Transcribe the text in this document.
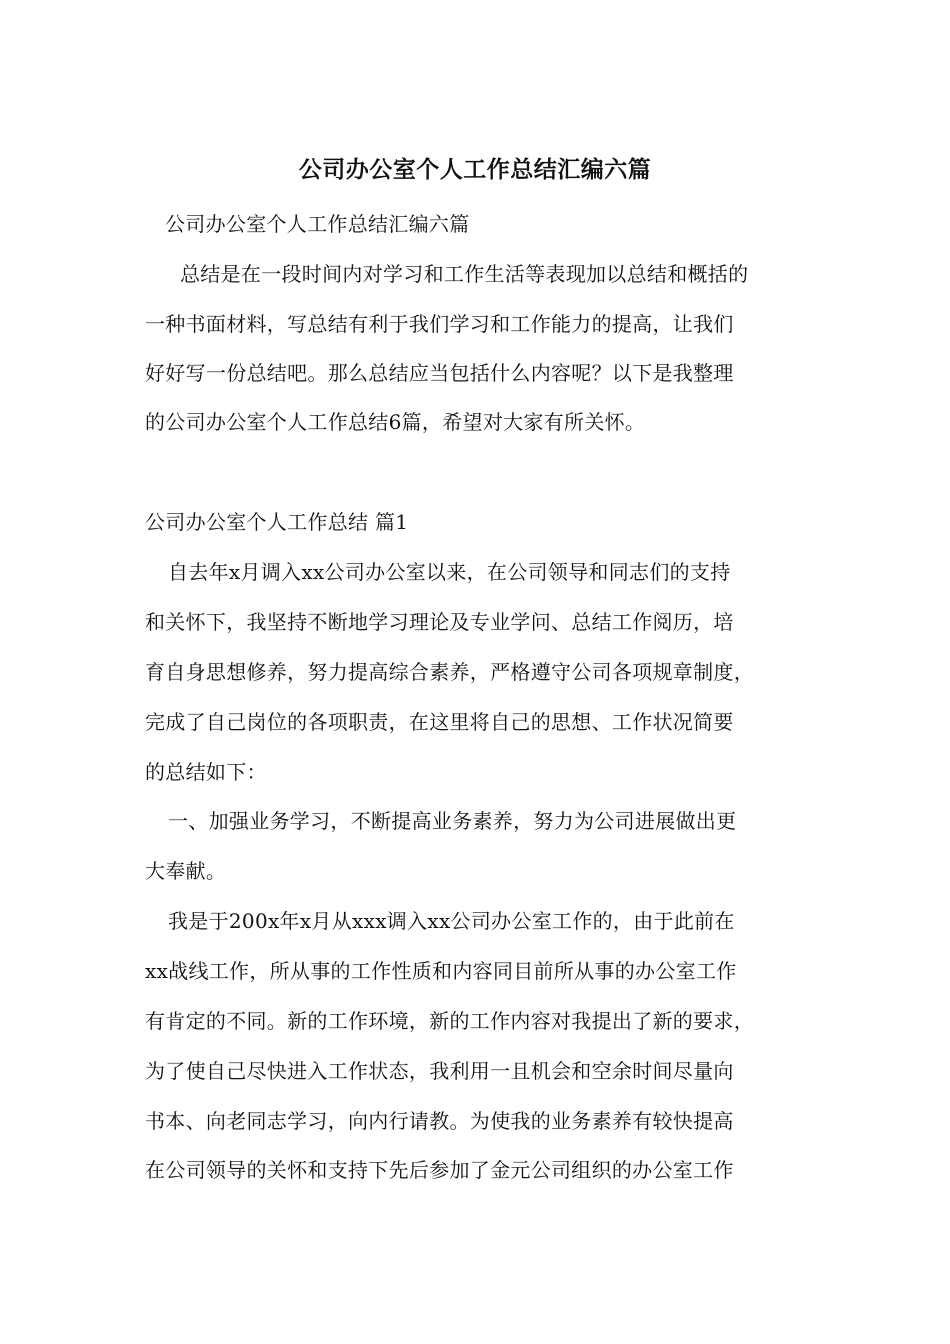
公司办公室个人工作总结汇编六篇
公司办公室个人工作总结汇编六篇
总结是在一段时间内对学习和工作生活等表现加以总结和概括的
一种书面材料，写总结有利于我们学习和工作能力的提高，让我们
好好写一份总结吧。那么总结应当包括什么内容呢？以下是我整理
的公司办公室个人工作总结6篇，希望对大家有所关怀。
公司办公室个人工作总结 篇1
自去年x月调入xx公司办公室以来，在公司领导和同志们的支持
和关怀下，我坚持不断地学习理论及专业学问、总结工作阅历，培
育自身思想修养，努力提高综合素养，严格遵守公司各项规章制度，
完成了自己岗位的各项职责，在这里将自己的思想、工作状况简要
的总结如下：
一、加强业务学习，不断提高业务素养，努力为公司进展做出更
大奉献。
我是于200x年x月从xxx调入xx公司办公室工作的，由于此前在
xx战线工作，所从事的工作性质和内容同目前所从事的办公室工作
有肯定的不同。新的工作环境，新的工作内容对我提出了新的要求，
为了使自己尽快进入工作状态，我利用一且机会和空余时间尽量向
书本、向老同志学习，向内行请教。为使我的业务素养有较快提高
在公司领导的关怀和支持下先后参加了金元公司组织的办公室工作
